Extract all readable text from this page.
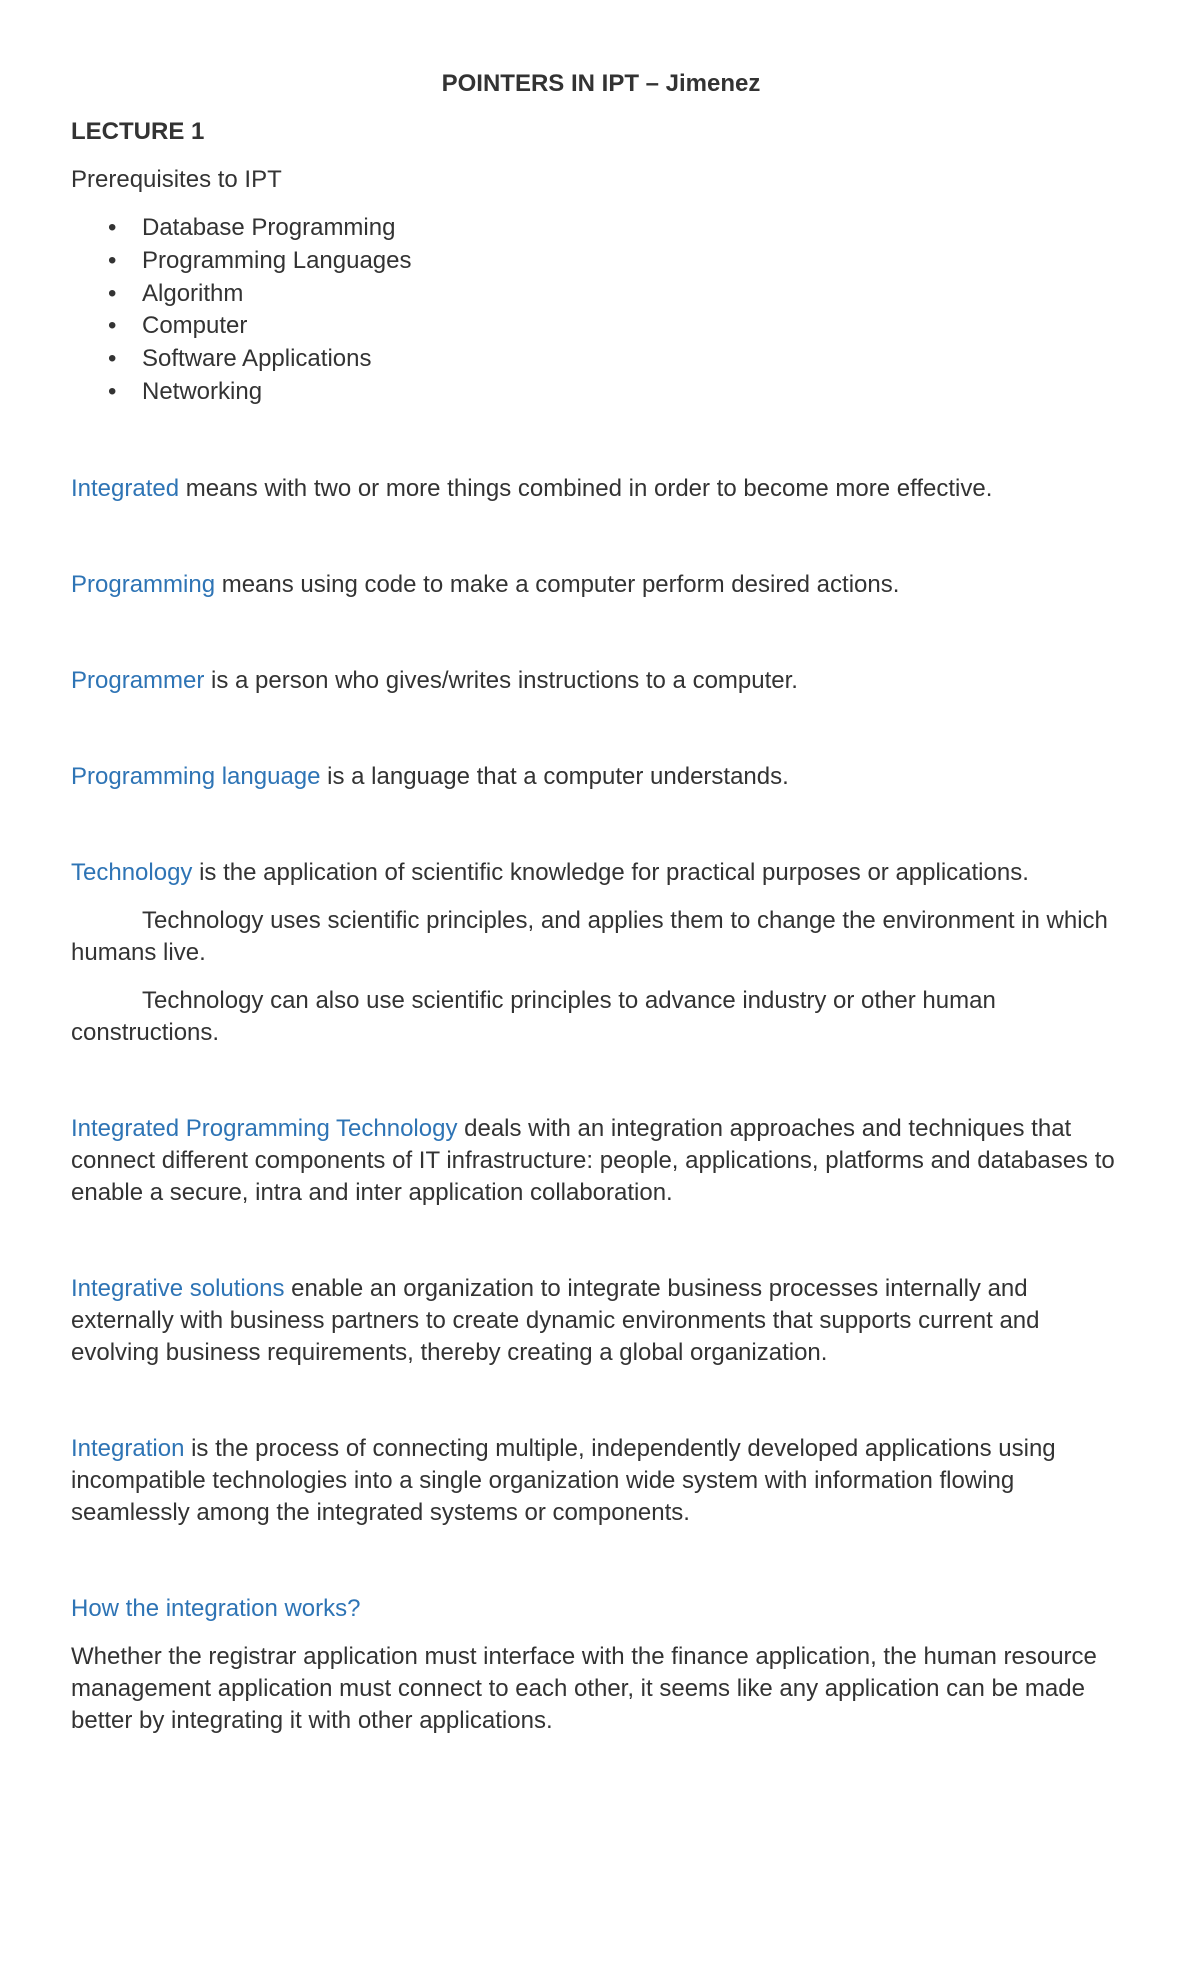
POINTERS IN IPT – Jimenez
LECTURE 1
Prerequisites to IPT
• Database Programming
• Programming Languages
• Algorithm
• Computer
• Software Applications
• Networking

Integrated means with two or more things combined in order to become more effective.

Programming means using code to make a computer perform desired actions.

Programmer is a person who gives/writes instructions to a computer.

Programming language is a language that a computer understands.

Technology is the application of scientific knowledge for practical purposes or applications.

Technology uses scientific principles, and applies them to change the environment in which humans live.

Technology can also use scientific principles to advance industry or other human constructions.

Integrated Programming Technology deals with an integration approaches and techniques that connect different components of IT infrastructure: people, applications, platforms and databases to enable a secure, intra and inter application collaboration.

Integrative solutions enable an organization to integrate business processes internally and externally with business partners to create dynamic environments that supports current and evolving business requirements, thereby creating a global organization.

Integration is the process of connecting multiple, independently developed applications using incompatible technologies into a single organization wide system with information flowing seamlessly among the integrated systems or components.

How the integration works?

Whether the registrar application must interface with the finance application, the human resource management application must connect to each other, it seems like any application can be made better by integrating it with other applications.
